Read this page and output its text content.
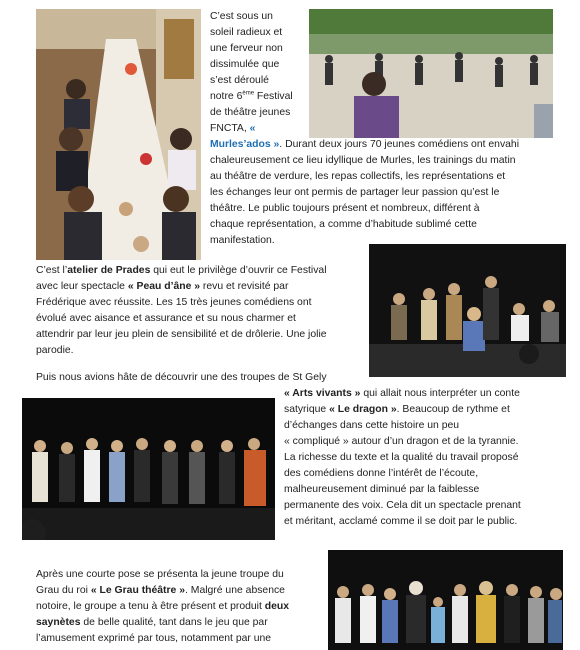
C’est sous un

soleil radieux et

une ferveur non

dissimulée que

s’est déroulé

notre 6ème Festival

de théâtre jeunes

FNCTA, «

Murles’ados ». Durant deux jours 70 jeunes comédiens ont envahi

chaleureusement ce lieu idyllique de Murles, les trainings du matin

au théâtre de verdure, les repas collectifs, les représentations et

les échanges leur ont permis de partager leur passion qu’est le

théâtre. Le public toujours présent et nombreux, différent à

chaque représentation, a comme d’habitude sublimé cette

manifestation.

C’est l’atelier de Prades qui eut le privilège d’ouvrir ce Festival

avec leur spectacle « Peau d’âne » revu et revisité par

Frédérique avec réussite. Les 15 très jeunes comédiens ont

évolué avec aisance et assurance et su nous charmer et

attendrir par leur jeu plein de sensibilité et de drôlerie. Une jolie

parodie.

Puis nous avions hâte de découvrir une des troupes de St Gely

« Arts vivants » qui allait nous interpréter un conte

satyrique « Le dragon ». Beaucoup de rythme et

d’échanges dans cette histoire un peu

« compliqué » autour d’un dragon et de la tyrannie.

La richesse du texte et la qualité du travail proposé

des comédiens donne l’intérêt de l’écoute,

malheureusement diminué par la faiblesse

permanente des voix. Cela dit un spectacle prenant

et méritant, acclamé comme il se doit par le public.

Après une courte pose se présenta la jeune troupe du

Grau du roi « Le Grau théâtre ». Malgré une absence

notoire, le groupe a tenu à être présent et produit deux

saynètes de belle qualité, tant dans le jeu que par

l’amusement exprimé par tous, notamment par une
